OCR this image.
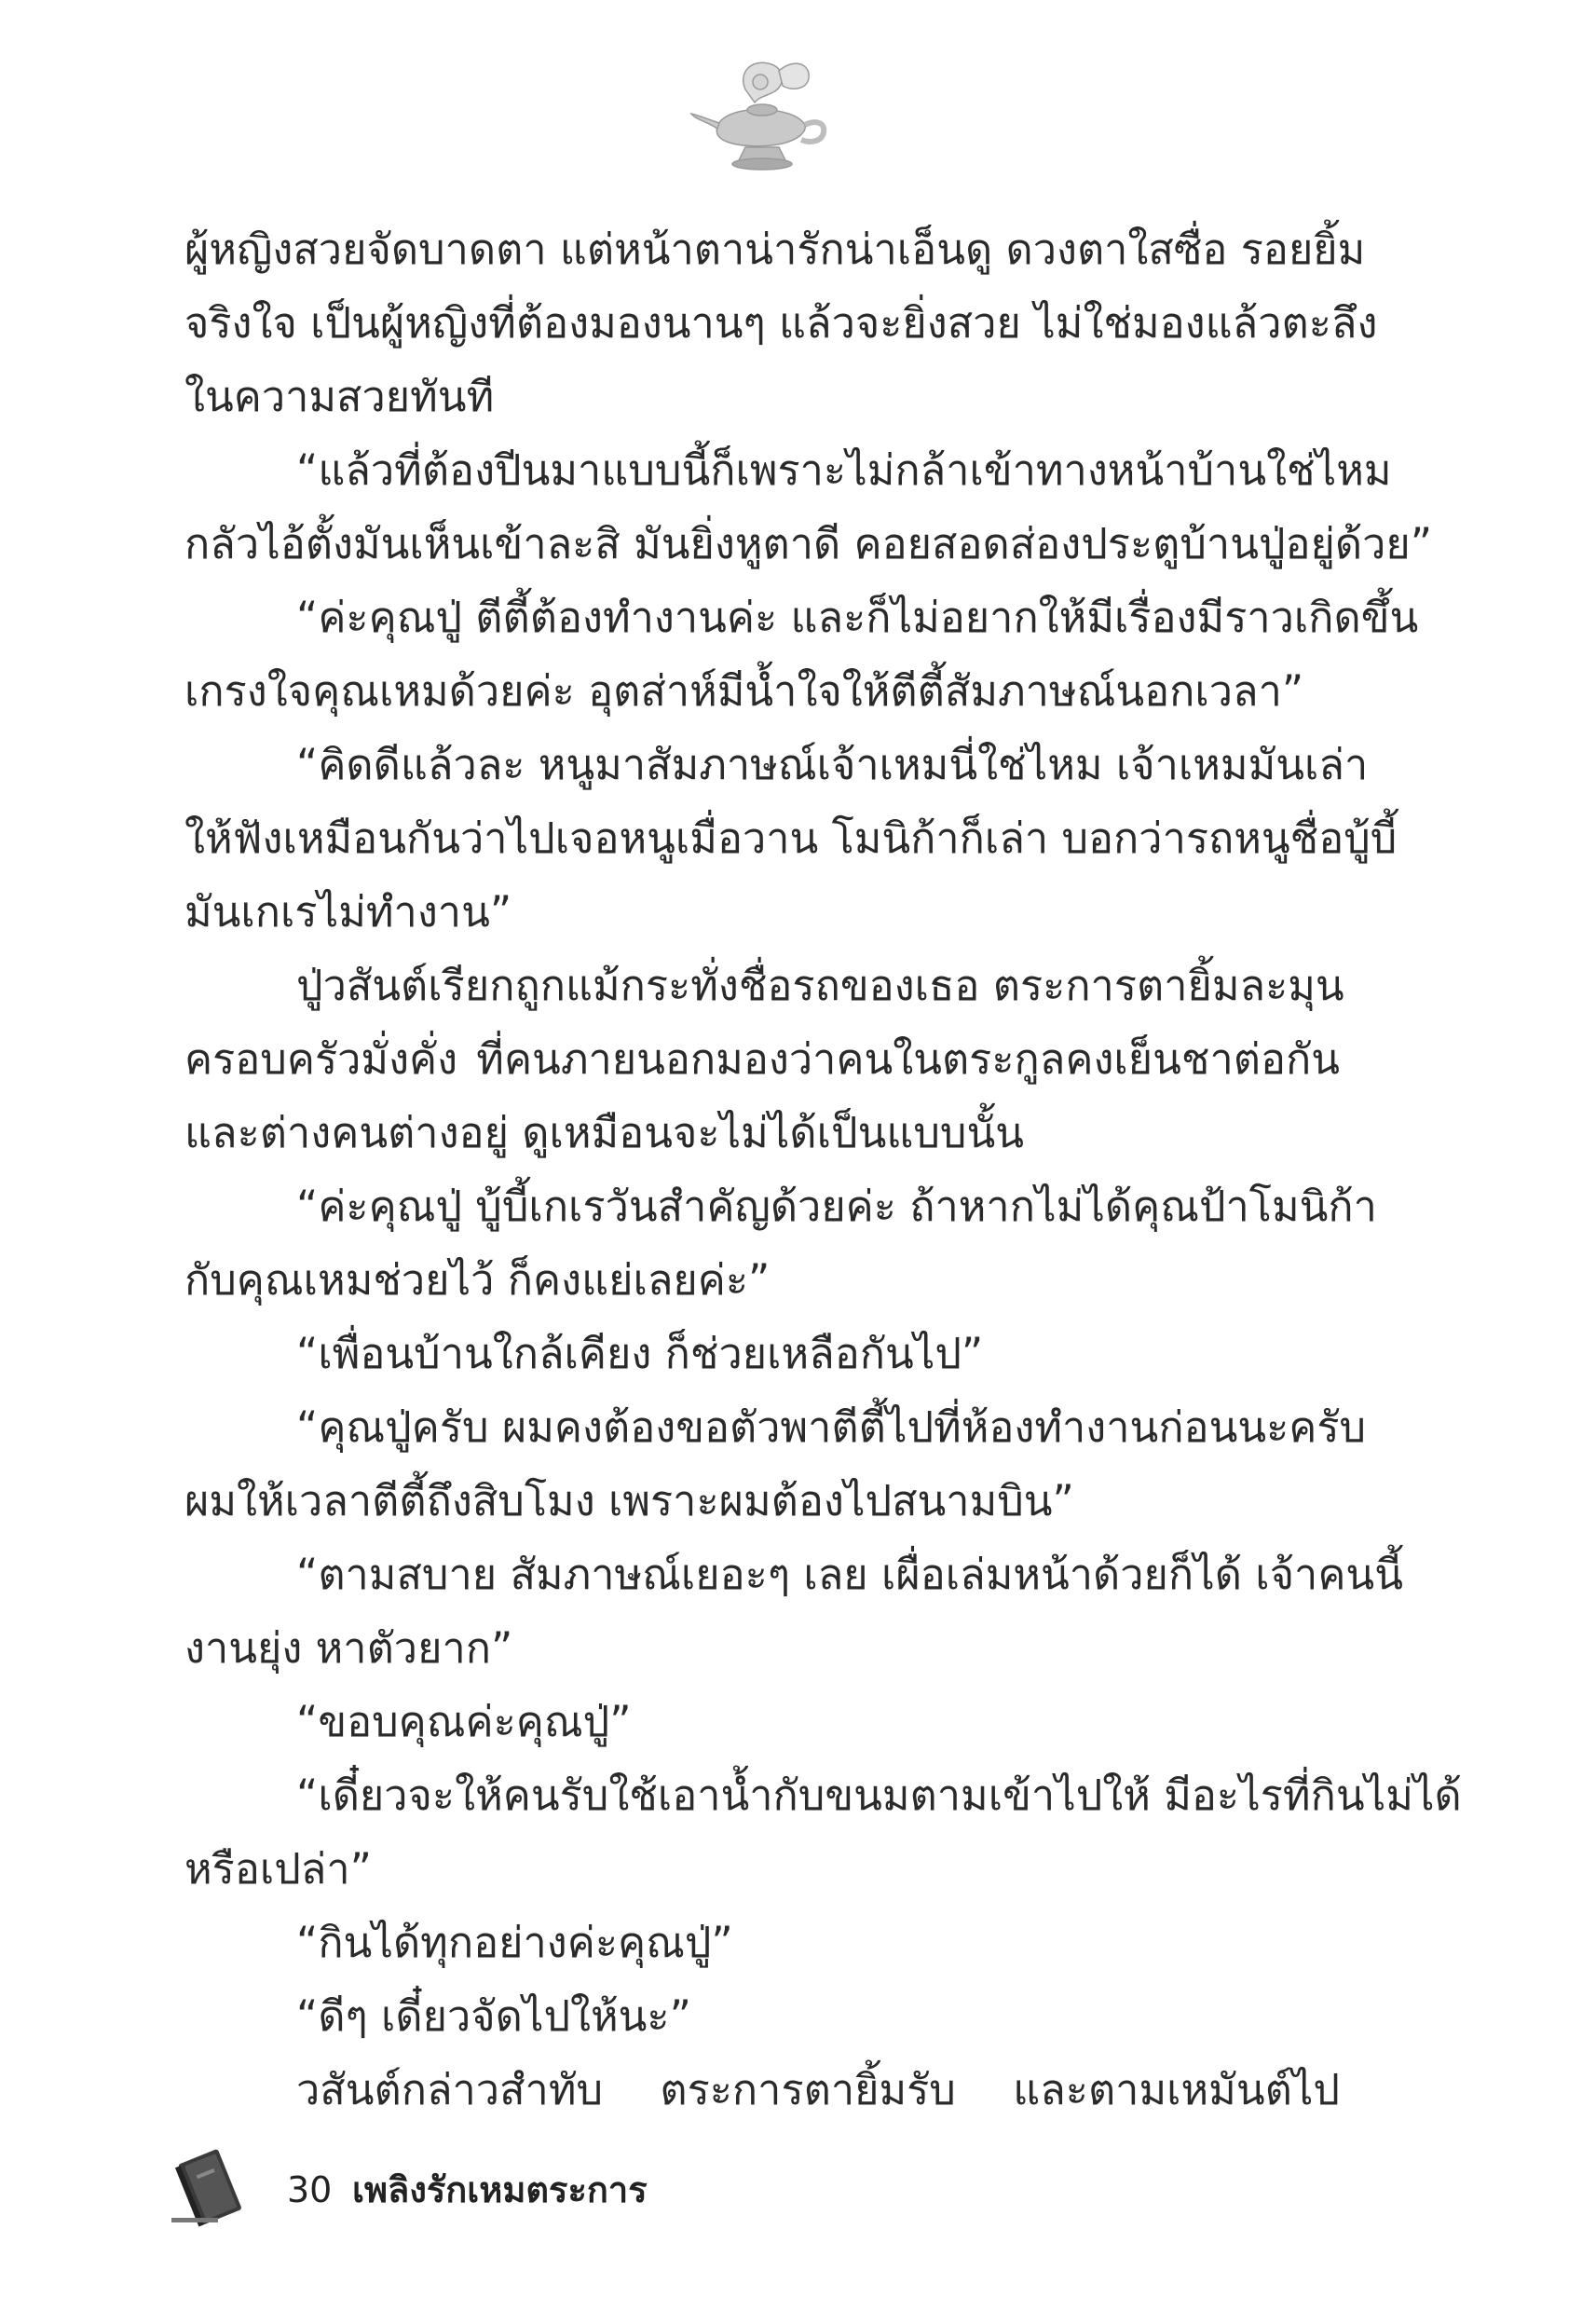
ผู้หญิงสวยจัดบาดตา แต่หน้าตาน่ารักน่าเอ็นดู ดวงตาใสซื่อ รอยยิ้ม
จริงใจ เป็นผู้หญิงที่ต้องมองนานๆ แล้วจะยิ่งสวย ไม่ใช่มองแล้วตะลึง
ในความสวยทันที
“แล้วที่ต้องปีนมาแบบนี้ก็เพราะไม่กล้าเข้าทางหน้าบ้านใช่ไหม
กลัวไอ้ตั้งมันเห็นเข้าละสิ มันยิ่งหูตาดี คอยสอดส่องประตูบ้านปู่อยู่ด้วย”
“ค่ะคุณปู่ ตีตี้ต้องทำงานค่ะ และก็ไม่อยากให้มีเรื่องมีราวเกิดขึ้น
เกรงใจคุณเหมด้วยค่ะ อุตส่าห์มีน้ำใจให้ตีตี้สัมภาษณ์นอกเวลา”
“คิดดีแล้วละ หนูมาสัมภาษณ์เจ้าเหมนี่ใช่ไหม เจ้าเหมมันเล่า
ให้ฟังเหมือนกันว่าไปเจอหนูเมื่อวาน โมนิก้าก็เล่า บอกว่ารถหนูชื่อบู้บี้
มันเกเรไม่ทำงาน”
ปู่วสันต์เรียกถูกแม้กระทั่งชื่อรถของเธอ ตระการตายิ้มละมุน
ครอบครัวมั่งคั่ง ที่คนภายนอกมองว่าคนในตระกูลคงเย็นชาต่อกัน
และต่างคนต่างอยู่ ดูเหมือนจะไม่ได้เป็นแบบนั้น
“ค่ะคุณปู่ บู้บี้เกเรวันสำคัญด้วยค่ะ ถ้าหากไม่ได้คุณป้าโมนิก้า
กับคุณเหมช่วยไว้ ก็คงแย่เลยค่ะ”
“เพื่อนบ้านใกล้เคียง ก็ช่วยเหลือกันไป”
“คุณปู่ครับ ผมคงต้องขอตัวพาตีตี้ไปที่ห้องทำงานก่อนนะครับ
ผมให้เวลาตีตี้ถึงสิบโมง เพราะผมต้องไปสนามบิน”
“ตามสบาย สัมภาษณ์เยอะๆ เลย เผื่อเล่มหน้าด้วยก็ได้ เจ้าคนนี้
งานยุ่ง หาตัวยาก”
“ขอบคุณค่ะคุณปู่”
“เดี๋ยวจะให้คนรับใช้เอาน้ำกับขนมตามเข้าไปให้ มีอะไรที่กินไม่ได้
หรือเปล่า”
“กินได้ทุกอย่างค่ะคุณปู่”
“ดีๆ เดี๋ยวจัดไปให้นะ”
วสันต์กล่าวสำทับ ตระการตายิ้มรับ และตามเหมันต์ไป
30 เพลิงรักเหมตระการ
